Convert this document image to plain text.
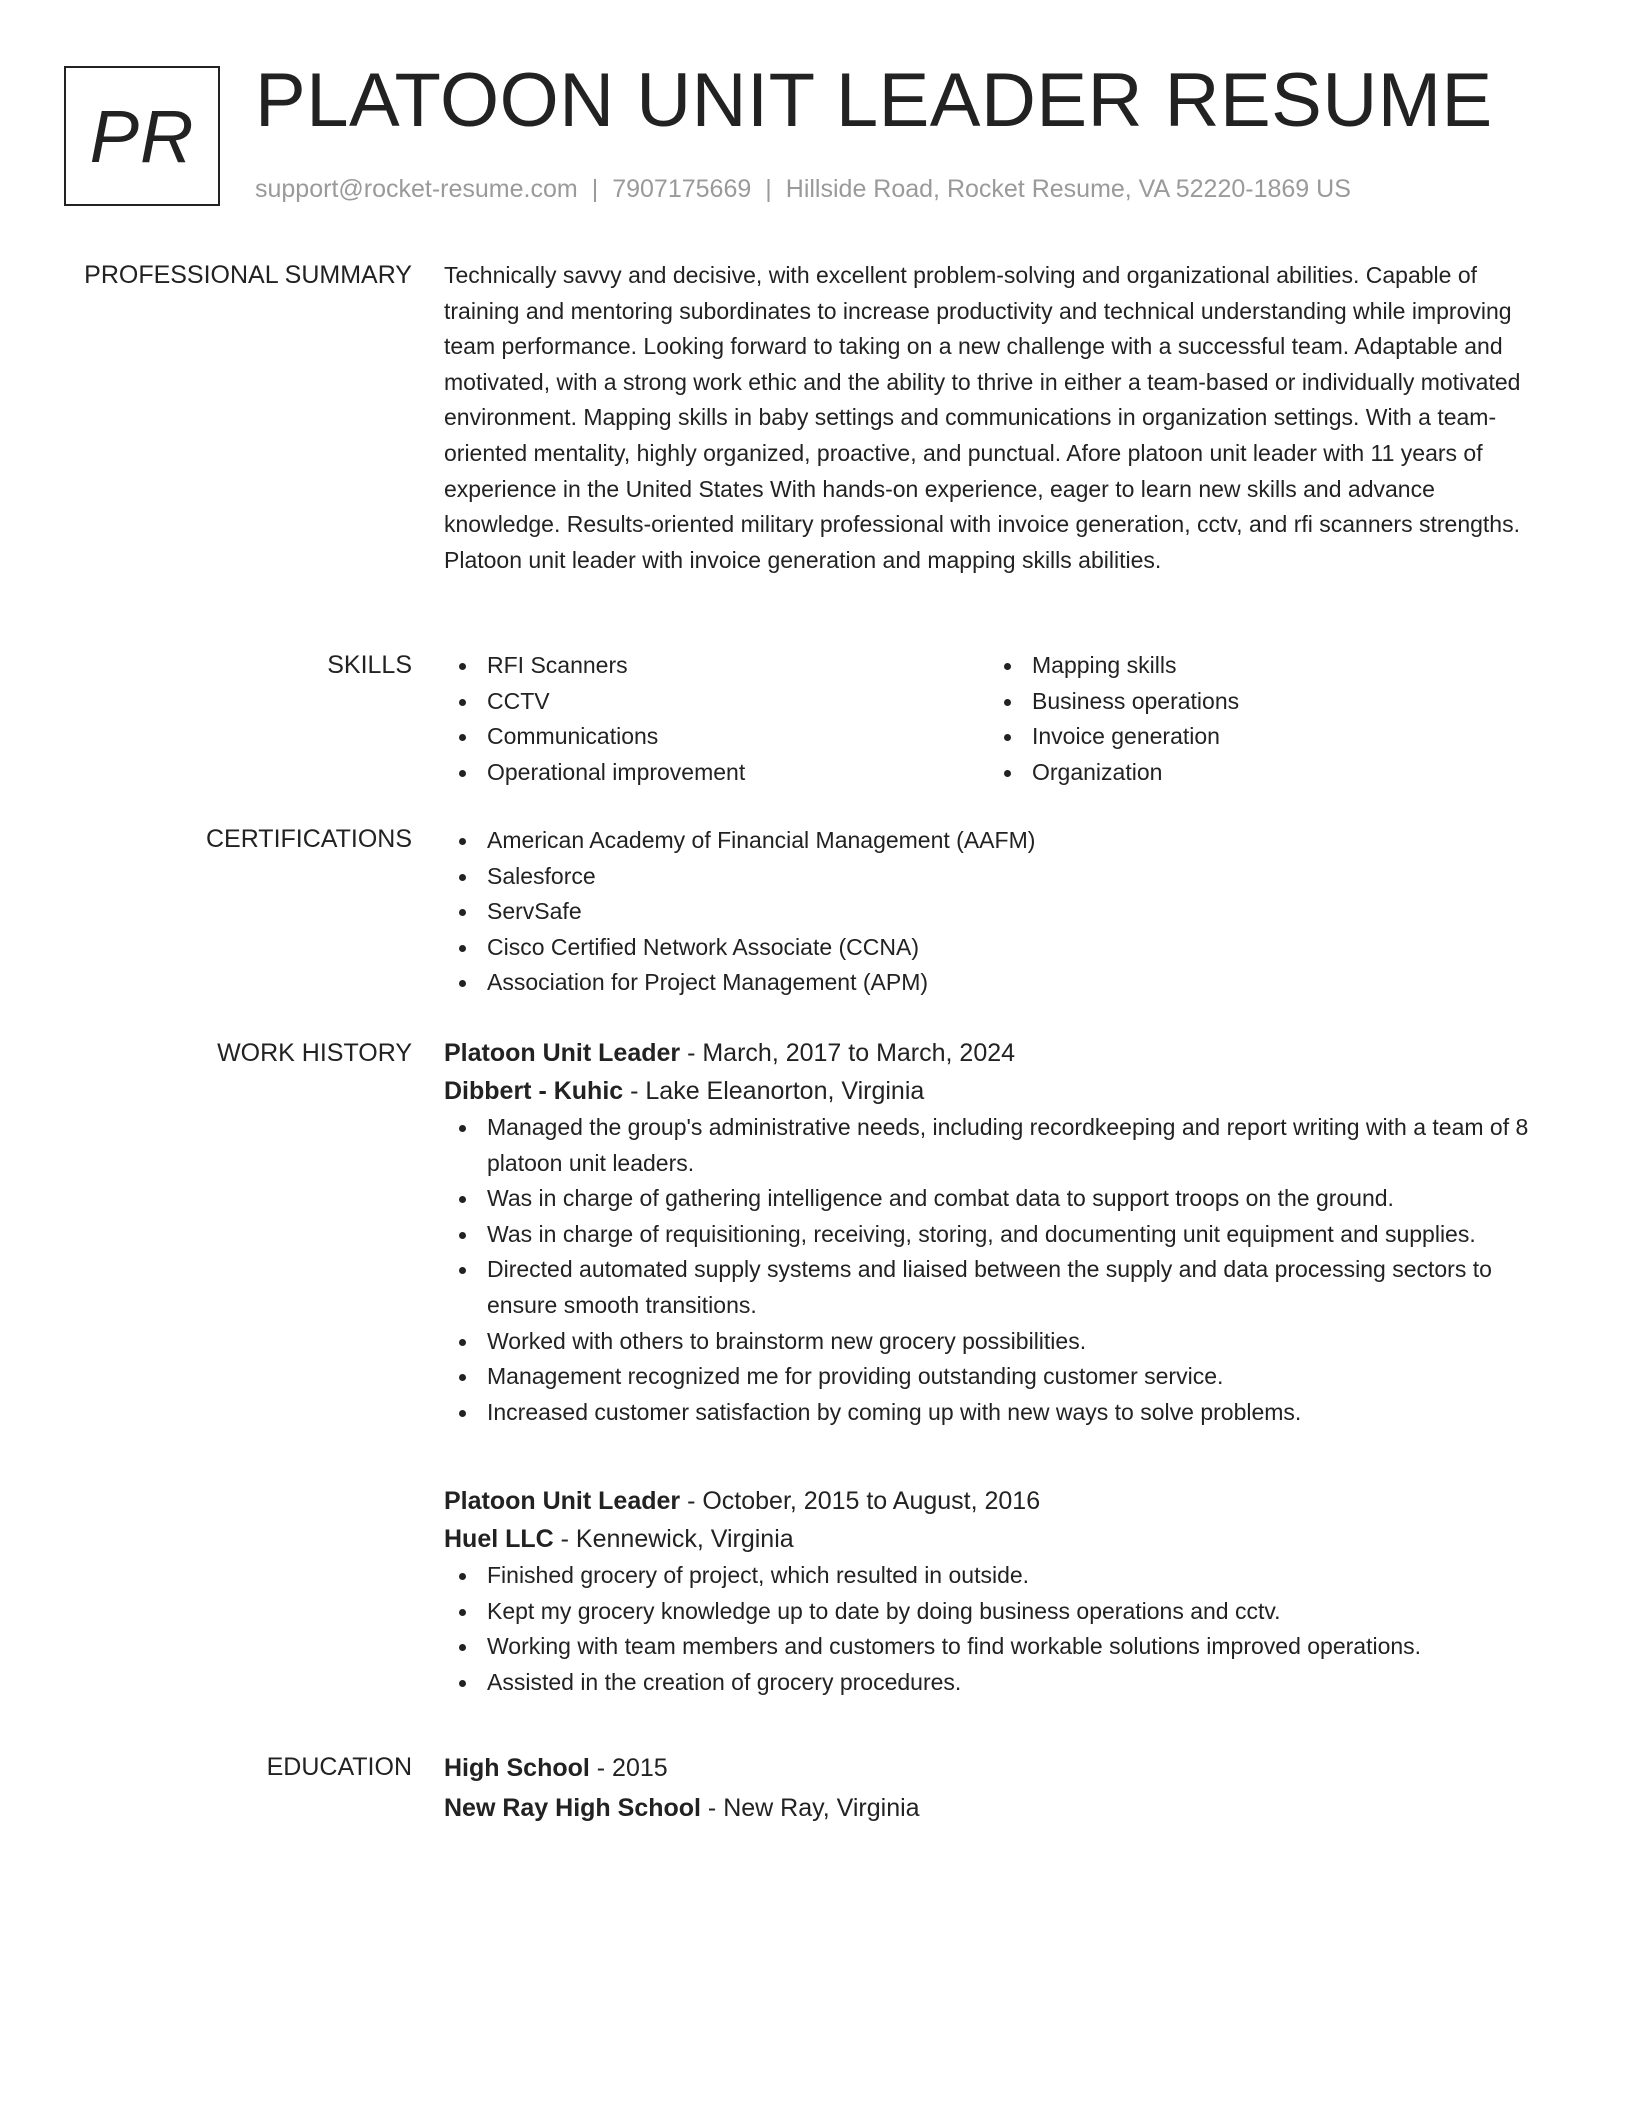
PR PLATOON UNIT LEADER RESUME
support@rocket-resume.com | 7907175669 | Hillside Road, Rocket Resume, VA 52220-1869 US
PROFESSIONAL SUMMARY Technically savvy and decisive, with excellent problem-solving and organizational abilities. Capable of training and mentoring subordinates to increase productivity and technical understanding while improving team performance. Looking forward to taking on a new challenge with a successful team. Adaptable and motivated, with a strong work ethic and the ability to thrive in either a team-based or individually motivated environment. Mapping skills in baby settings and communications in organization settings. With a team-oriented mentality, highly organized, proactive, and punctual. Afore platoon unit leader with 11 years of experience in the United States With hands-on experience, eager to learn new skills and advance knowledge. Results-oriented military professional with invoice generation, cctv, and rfi scanners strengths. Platoon unit leader with invoice generation and mapping skills abilities.

SKILLS	RFI Scanners
CCTV
Communications
Operational improvement
Mapping skills
Business operations
Invoice generation
Organization
CERTIFICATIONS	American Academy of Financial Management (AAFM)
Salesforce
ServSafe
Cisco Certified Network Associate (CCNA)
Association for Project Management (APM)
WORK HISTORY Platoon Unit Leader - March, 2017 to March, 2024
Dibbert - Kuhic - Lake Eleanorton, Virginia
Managed the group's administrative needs, including recordkeeping and report writing with a team of 8 platoon unit leaders.
Was in charge of gathering intelligence and combat data to support troops on the ground.
Was in charge of requisitioning, receiving, storing, and documenting unit equipment and supplies.
Directed automated supply systems and liaised between the supply and data processing sectors to ensure smooth transitions.
Worked with others to brainstorm new grocery possibilities.
Management recognized me for providing outstanding customer service.
Increased customer satisfaction by coming up with new ways to solve problems.
Platoon Unit Leader - October, 2015 to August, 2016
Huel LLC - Kennewick, Virginia
Finished grocery of project, which resulted in outside.
Kept my grocery knowledge up to date by doing business operations and cctv.
Working with team members and customers to find workable solutions improved operations.
Assisted in the creation of grocery procedures.
EDUCATION High School - 2015
New Ray High School - New Ray, Virginia
